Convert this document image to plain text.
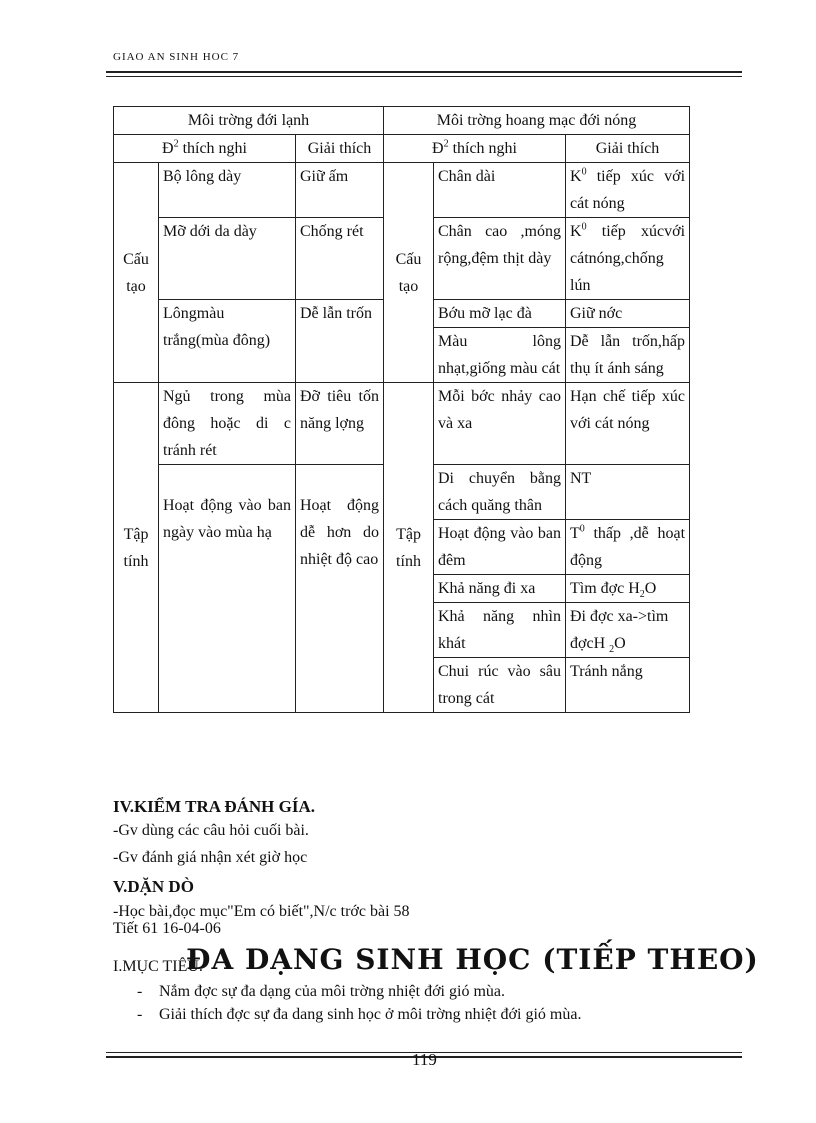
GIAO AN SINH HOC 7
Môi trờng đới lạnh			Môi trờng hoang mạc đới nóng		
$Đ^2$ thích nghi		Giải thích	$Đ^2$ thích nghi		Giải thích
Cấu tạo	Bộ lông dày	Giữ ấm	Cấu tạo	Chân dài	$K^0$ tiếp xúc với cát nóng
	Mỡ dới da dày	Chống rét		Chân cao ,móng rộng,đệm thịt dày	$K^0$ tiếp xúcvới cátnóng,chống lún
	Lôngmàu trắng(mùa đông)	Dễ lẫn trốn		Bớu mỡ lạc đà	Giữ nớc
				Màu lông nhạt,giống màu cát	Dễ lẫn trốn,hấp thụ ít ánh sáng
Tập tính	Ngủ trong mùa đông hoặc di c tránh rét	Đỡ tiêu tốn năng lợng	Tập tính	Mỗi bớc nhảy cao và xa	Hạn chế tiếp xúc với cát nóng
	Hoạt động vào ban ngày vào mùa hạ	Hoạt động dễ hơn do nhiệt độ cao		Di chuyển bằng cách quăng thân	NT
				Hoạt động vào ban đêm	$T^0$ thấp ,dễ hoạt động
				Khả năng đi xa	Tìm đợc $H_2O$
				Khả năng nhìn khát	Đi đợc xa->tìm đợcH $_2$O
				Chui rúc vào sâu trong cát	Tránh nắng
IV.KIỂM TRA ĐÁNH GÍA.
-Gv dùng các câu hỏi cuối bài.
-Gv đánh giá nhận xét giờ học
V.DẶN DÒ
-Học bài,đọc mục"Em có biết",N/c trớc bài 58
Tiết 61 16-04-06
I.MỤC TIÊU.
ĐA DẠNG SINH HỌC (TIẾP THEO)
- Nắm đợc sự đa dạng của môi trờng nhiệt đới gió mùa.
- Giải thích đợc sự đa dang sinh học ở môi trờng nhiệt đới gió mùa.
119
